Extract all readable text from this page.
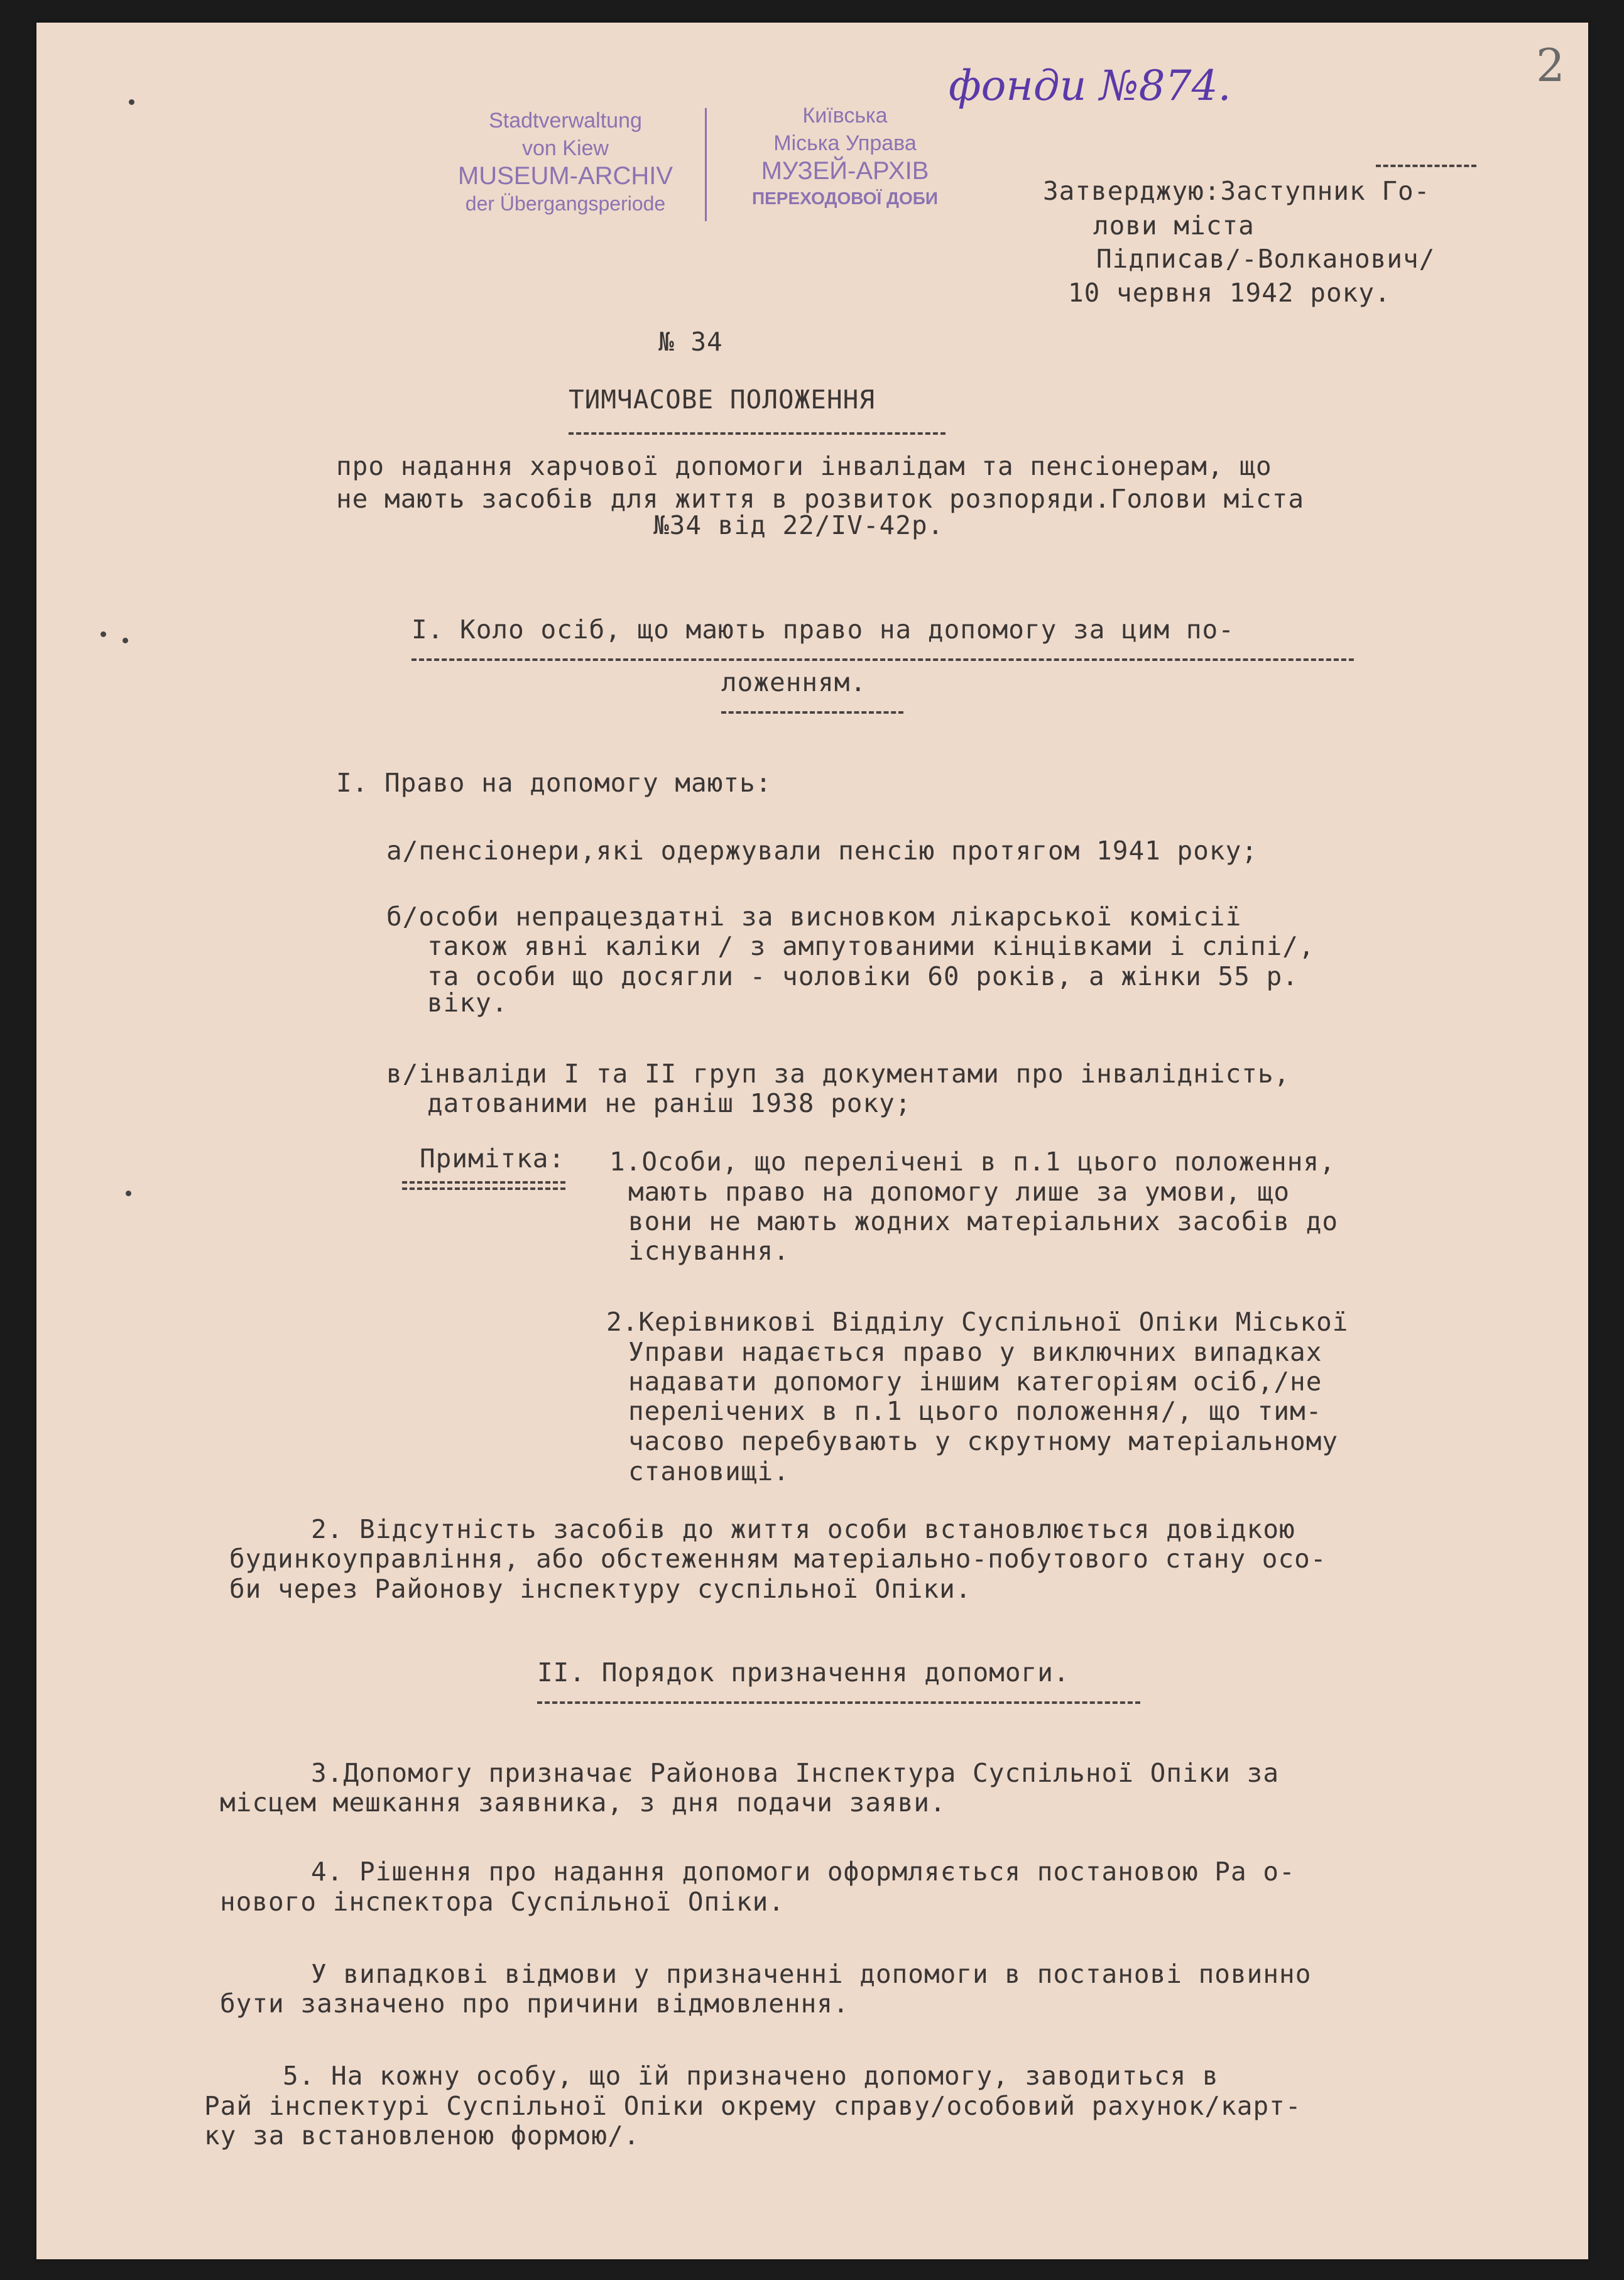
фонди №874.	2
Stadtverwaltung
von Kiew
MUSEUM-ARCHIV
der Übergangsperiode
Київська
Міська Управа
МУЗЕЙ-АРХІВ
ПЕРЕХОДОВОЇ ДОБИ	Затверджую:Заступник Го-
лови міста
Підписав/-Волканович/
10 червня 1942 року.
№ 34
ТИМЧАСОВЕ ПОЛОЖЕННЯ
про надання харчової допомоги інвалідам та пенсіонерам, що
не мають засобів для життя в розвиток розпоряди.Голови міста
№34 від 22/IV-42р.
I. Коло осіб, що мають право на допомогу за цим по-
ложенням.
I. Право на допомогу мають:
а/пенсіонери,які одержували пенсію протягом 1941 року;
б/особи непрацездатні за висновком лікарської комісії
також явні каліки / з ампутованими кінцівками і сліпі/,
та особи що досягли - чоловіки 60 років, а жінки 55 р.
віку.
в/інваліди I та II груп за документами про інвалідність,
датованими не раніш 1938 року;
Примітка: 1.Особи, що перелічені в п.1 цього положення,
мають право на допомогу лише за умови, що
вони не мають жодних матеріальних засобів до
існування.
2.Керівникові Відділу Суспільної Опіки Міської
Управи надається право у виключних випадках
надавати допомогу іншим категоріям осіб,/не
перелічених в п.1 цього положення/, що тим-
часово перебувають у скрутному матеріальному
становищі.
2. Відсутність засобів до життя особи встановлюється довідкою
будинкоуправління, або обстеженням матеріально-побутового стану осо-
би через Районову інспектуру суспільної Опіки.
II. Порядок призначення допомоги.
3.Допомогу призначає Районова Інспектура Суспільної Опіки за
місцем мешкання заявника, з дня подачи заяви.
4. Рішення про надання допомоги оформляється постановою Ра о-
нового інспектора Суспільної Опіки.
У випадкові відмови у призначенні допомоги в постанові повинно
бути зазначено про причини відмовлення.
5. На кожну особу, що їй призначено допомогу, заводиться в
Рай інспектурі Суспільної Опіки окрему справу/особовий рахунок/карт-
ку за встановленою формою/.
